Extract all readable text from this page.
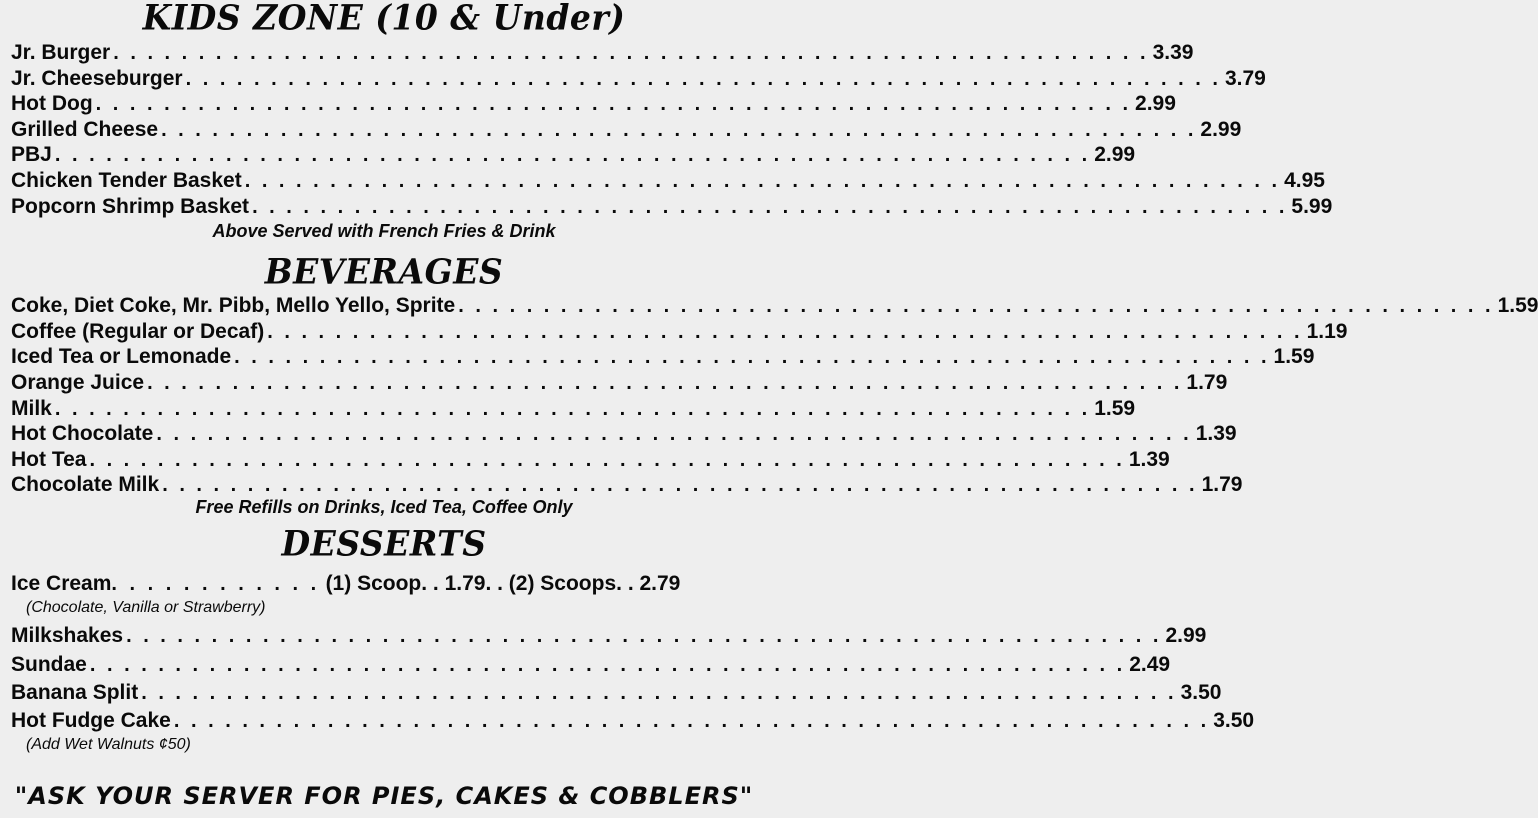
KIDS ZONE (10 & Under)
Jr. Burger . . . . . . . . . . . . . . . . . . . . . . . . . . . . . . . . . . . . . . . . . . . . . . . . . . . . . . . . . . . . . 3.39
Jr. Cheeseburger . . . . . . . . . . . . . . . . . . . . . . . . . . . . . . . . . . . . . . . . . . . . . . . . . . . . . . . . . . . . . 3.79
Hot Dog . . . . . . . . . . . . . . . . . . . . . . . . . . . . . . . . . . . . . . . . . . . . . . . . . . . . . . . . . . . . . 2.99
Grilled Cheese . . . . . . . . . . . . . . . . . . . . . . . . . . . . . . . . . . . . . . . . . . . . . . . . . . . . . . . . . . . . . 2.99
PBJ . . . . . . . . . . . . . . . . . . . . . . . . . . . . . . . . . . . . . . . . . . . . . . . . . . . . . . . . . . . . . 2.99
Chicken Tender Basket . . . . . . . . . . . . . . . . . . . . . . . . . . . . . . . . . . . . . . . . . . . . . . . . . . . . . . . . . . . . . 4.95
Popcorn Shrimp Basket . . . . . . . . . . . . . . . . . . . . . . . . . . . . . . . . . . . . . . . . . . . . . . . . . . . . . . . . . . . . . 5.99
Above Served with French Fries & Drink
BEVERAGES
Coke, Diet Coke, Mr. Pibb, Mello Yello, Sprite . . . . . . . . . . . . . . . . . . . . . . . . . . . . . . . . . . . . . . . . . . . . . . . . . . . . . . . . . . . . . 1.59
Coffee (Regular or Decaf) . . . . . . . . . . . . . . . . . . . . . . . . . . . . . . . . . . . . . . . . . . . . . . . . . . . . . . . . . . . . . 1.19
Iced Tea or Lemonade . . . . . . . . . . . . . . . . . . . . . . . . . . . . . . . . . . . . . . . . . . . . . . . . . . . . . . . . . . . . . 1.59
Orange Juice . . . . . . . . . . . . . . . . . . . . . . . . . . . . . . . . . . . . . . . . . . . . . . . . . . . . . . . . . . . . . 1.79
Milk . . . . . . . . . . . . . . . . . . . . . . . . . . . . . . . . . . . . . . . . . . . . . . . . . . . . . . . . . . . . . 1.59
Hot Chocolate . . . . . . . . . . . . . . . . . . . . . . . . . . . . . . . . . . . . . . . . . . . . . . . . . . . . . . . . . . . . . 1.39
Hot Tea . . . . . . . . . . . . . . . . . . . . . . . . . . . . . . . . . . . . . . . . . . . . . . . . . . . . . . . . . . . . . 1.39
Chocolate Milk . . . . . . . . . . . . . . . . . . . . . . . . . . . . . . . . . . . . . . . . . . . . . . . . . . . . . . . . . . . . . 1.79
Free Refills on Drinks, Iced Tea, Coffee Only
DESSERTS
Ice Cream. . . . . . . . . . . . (1) Scoop. . 1.79. . (2) Scoops. . 2.79
(Chocolate, Vanilla or Strawberry)
Milkshakes . . . . . . . . . . . . . . . . . . . . . . . . . . . . . . . . . . . . . . . . . . . . . . . . . . . . . . . . . . . . . 2.99
Sundae . . . . . . . . . . . . . . . . . . . . . . . . . . . . . . . . . . . . . . . . . . . . . . . . . . . . . . . . . . . . . 2.49
Banana Split . . . . . . . . . . . . . . . . . . . . . . . . . . . . . . . . . . . . . . . . . . . . . . . . . . . . . . . . . . . . . 3.50
Hot Fudge Cake . . . . . . . . . . . . . . . . . . . . . . . . . . . . . . . . . . . . . . . . . . . . . . . . . . . . . . . . . . . . . 3.50
(Add Wet Walnuts ¢50)
"ASK YOUR SERVER FOR PIES, CAKES & COBBLERS"
